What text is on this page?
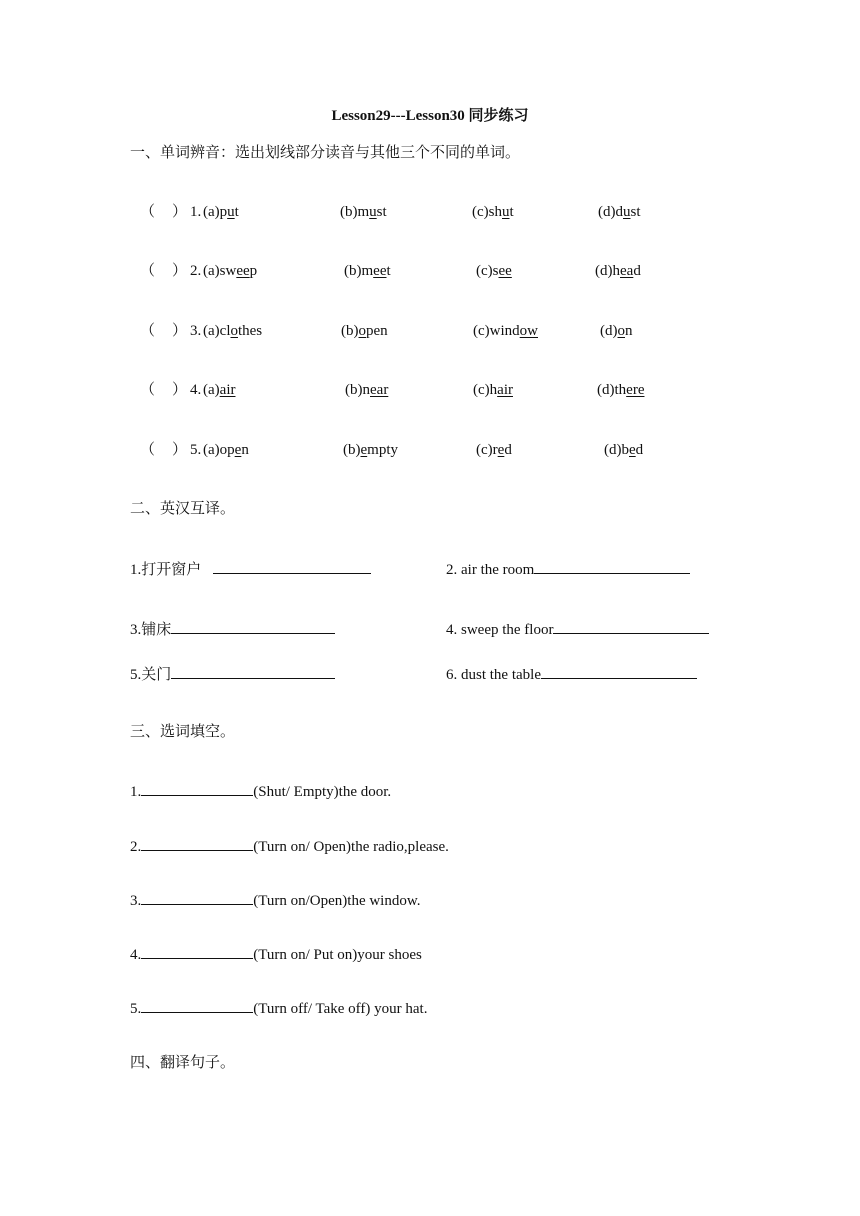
Lesson29---Lesson30 同步练习
一、单词辨音：选出划线部分读音与其他三个不同的单词。
（ ） 1. (a)put	(b)must	(c)shut	(d)dust
（ ） 2. (a)sweep	(b)meet	(c)see	(d)head
（ ） 3. (a)clothes	(b)open	(c)window	(d)on
（ ） 4. (a)air	(b)near	(c)hair	(d)there
（ ） 5. (a)open	(b)empty	(c)red	(d)bed
二、英汉互译。
1.打开窗户	2. air the room
3.铺床	4. sweep the floor
5.关门	6. dust the table
三、选词填空。
1.	(Shut/ Empty)the door.
2.	(Turn on/ Open)the radio,please.
3.	(Turn on/Open)the window.
4.	(Turn on/ Put on)your shoes
5.	(Turn off/ Take off) your hat.
四、翻译句子。
